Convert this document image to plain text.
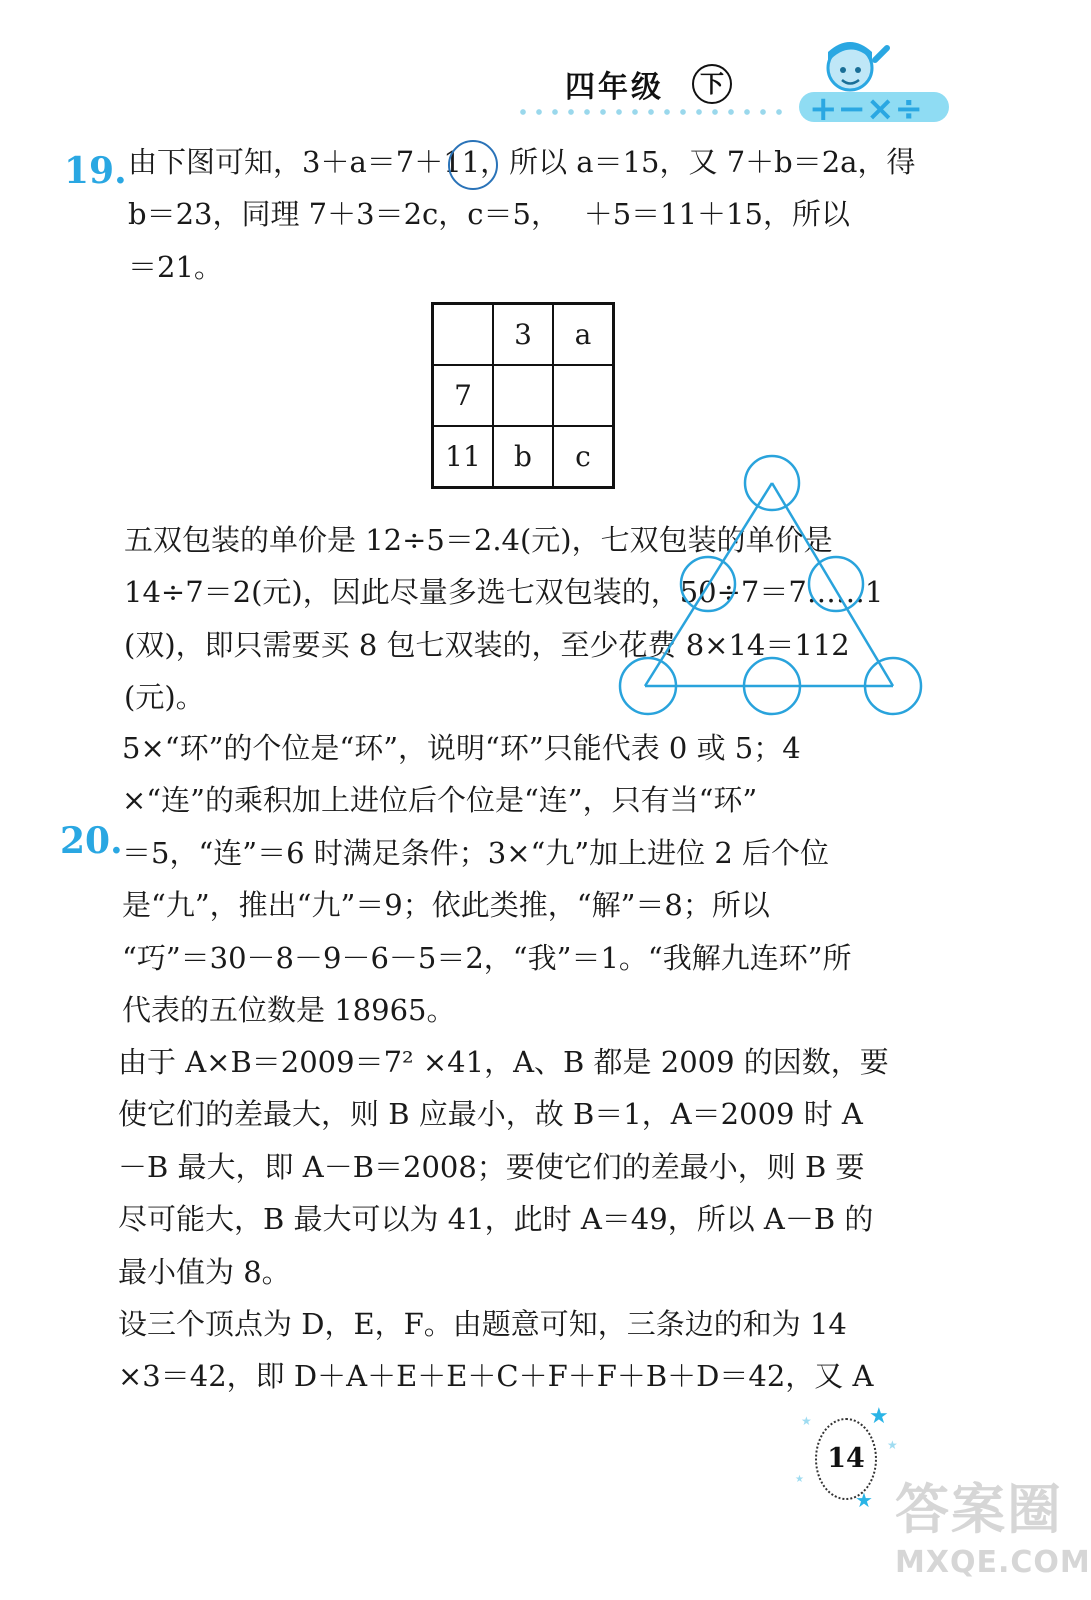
四年级	下
+−×÷
19. 由下图可知，3＋a＝7＋11，所以 a＝15，又 7＋b＝2a，得

b＝23，同理 7＋3＝2c，c＝5，　 ＋5＝11＋15，所以

＝21。

	3	a
7		
11	b	c

五双包装的单价是 12÷5＝2.4(元)，七双包装的单价是

14÷7＝2(元)，因此尽量多选七双包装的，50÷7＝7……1

(双)，即只需要买 8 包七双装的，至少花费 8×14＝112

(元)。

20.

5×“环”的个位是“环”，说明“环”只能代表 0 或 5；4

×“连”的乘积加上进位后个位是“连”，只有当“环”

＝5，“连”＝6 时满足条件；3×“九”加上进位 2 后个位

是“九”，推出“九”＝9；依此类推，“解”＝8；所以

“巧”＝30－8－9－6－5＝2，“我”＝1。“我解九连环”所

代表的五位数是 18965。

由于 A×B＝2009＝7² ×41，A、B 都是 2009 的因数，要

使它们的差最大，则 B 应最小，故 B＝1，A＝2009 时 A

－B 最大，即 A－B＝2008；要使它们的差最小，则 B 要

尽可能大，B 最大可以为 41，此时 A＝49，所以 A－B 的

最小值为 8。

设三个顶点为 D，E，F。由题意可知，三条边的和为 14

×3＝42，即 D＋A＋E＋E＋C＋F＋F＋B＋D＝42，又 A

★
★
★
★
★
14
答案圈
MXQE.COM
